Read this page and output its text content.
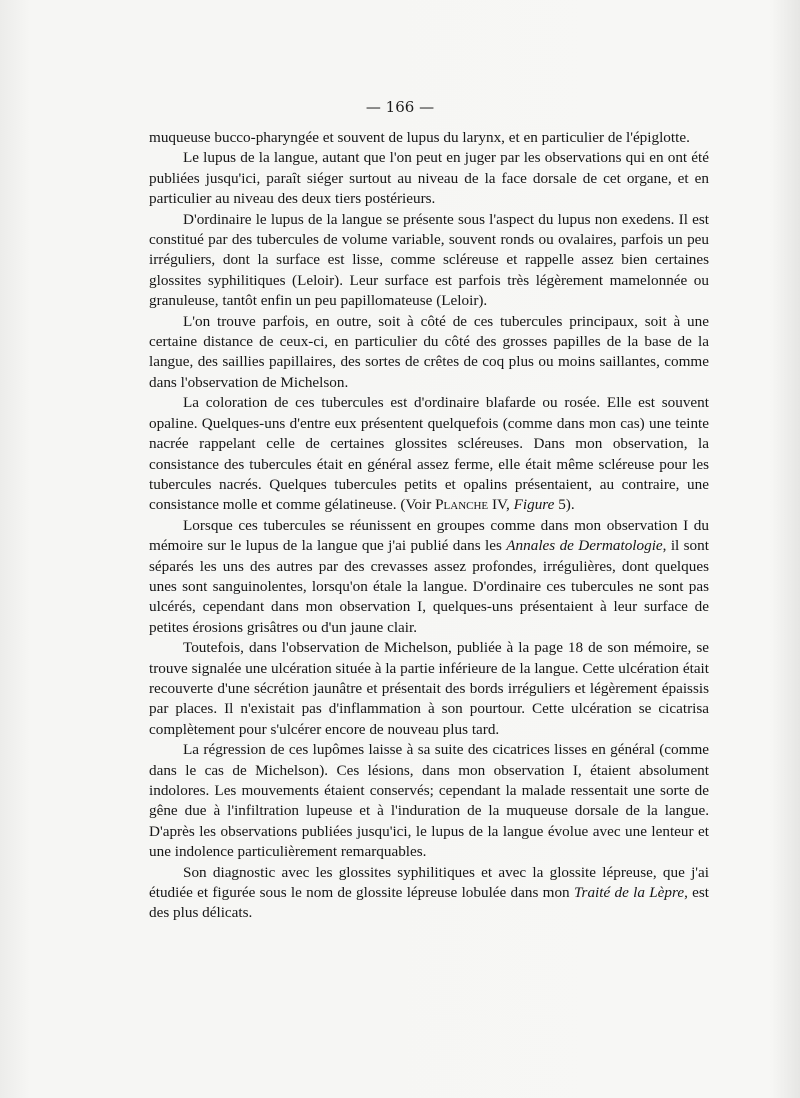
— 166 —

muqueuse bucco-pharyngée et souvent de lupus du larynx, et en particulier de l'épiglotte.

Le lupus de la langue, autant que l'on peut en juger par les observations qui en ont été publiées jusqu'ici, paraît siéger surtout au niveau de la face dorsale de cet organe, et en particulier au niveau des deux tiers postérieurs.

D'ordinaire le lupus de la langue se présente sous l'aspect du lupus non exedens. Il est constitué par des tubercules de volume variable, souvent ronds ou ovalaires, parfois un peu irréguliers, dont la surface est lisse, comme scléreuse et rappelle assez bien certaines glossites syphilitiques (Leloir). Leur surface est parfois très légèrement mamelonnée ou granuleuse, tantôt enfin un peu papillomateuse (Leloir).

L'on trouve parfois, en outre, soit à côté de ces tubercules principaux, soit à une certaine distance de ceux-ci, en particulier du côté des grosses papilles de la base de la langue, des saillies papillaires, des sortes de crêtes de coq plus ou moins saillantes, comme dans l'observation de Michelson.

La coloration de ces tubercules est d'ordinaire blafarde ou rosée. Elle est souvent opaline. Quelques-uns d'entre eux présentent quelquefois (comme dans mon cas) une teinte nacrée rappelant celle de certaines glossites scléreuses. Dans mon observation, la consistance des tubercules était en général assez ferme, elle était même scléreuse pour les tubercules nacrés. Quelques tubercules petits et opalins présentaient, au contraire, une consistance molle et comme gélatineuse. (Voir Planche IV, Figure 5).

Lorsque ces tubercules se réunissent en groupes comme dans mon observation I du mémoire sur le lupus de la langue que j'ai publié dans les Annales de Dermatologie, il sont séparés les uns des autres par des crevasses assez profondes, irrégulières, dont quelques unes sont sanguinolentes, lorsqu'on étale la langue. D'ordinaire ces tubercules ne sont pas ulcérés, cependant dans mon observation I, quelques-uns présentaient à leur surface de petites érosions grisâtres ou d'un jaune clair.

Toutefois, dans l'observation de Michelson, publiée à la page 18 de son mémoire, se trouve signalée une ulcération située à la partie inférieure de la langue. Cette ulcération était recouverte d'une sécrétion jaunâtre et présentait des bords irréguliers et légèrement épaissis par places. Il n'existait pas d'inflammation à son pourtour. Cette ulcération se cicatrisa complètement pour s'ulcérer encore de nouveau plus tard.

La régression de ces lupômes laisse à sa suite des cicatrices lisses en général (comme dans le cas de Michelson). Ces lésions, dans mon observation I, étaient absolument indolores. Les mouvements étaient conservés; cependant la malade ressentait une sorte de gêne due à l'infiltration lupeuse et à l'induration de la muqueuse dorsale de la langue. D'après les observations publiées jusqu'ici, le lupus de la langue évolue avec une lenteur et une indolence particulièrement remarquables.

Son diagnostic avec les glossites syphilitiques et avec la glossite lépreuse, que j'ai étudiée et figurée sous le nom de glossite lépreuse lobulée dans mon Traité de la Lèpre, est des plus délicats.
